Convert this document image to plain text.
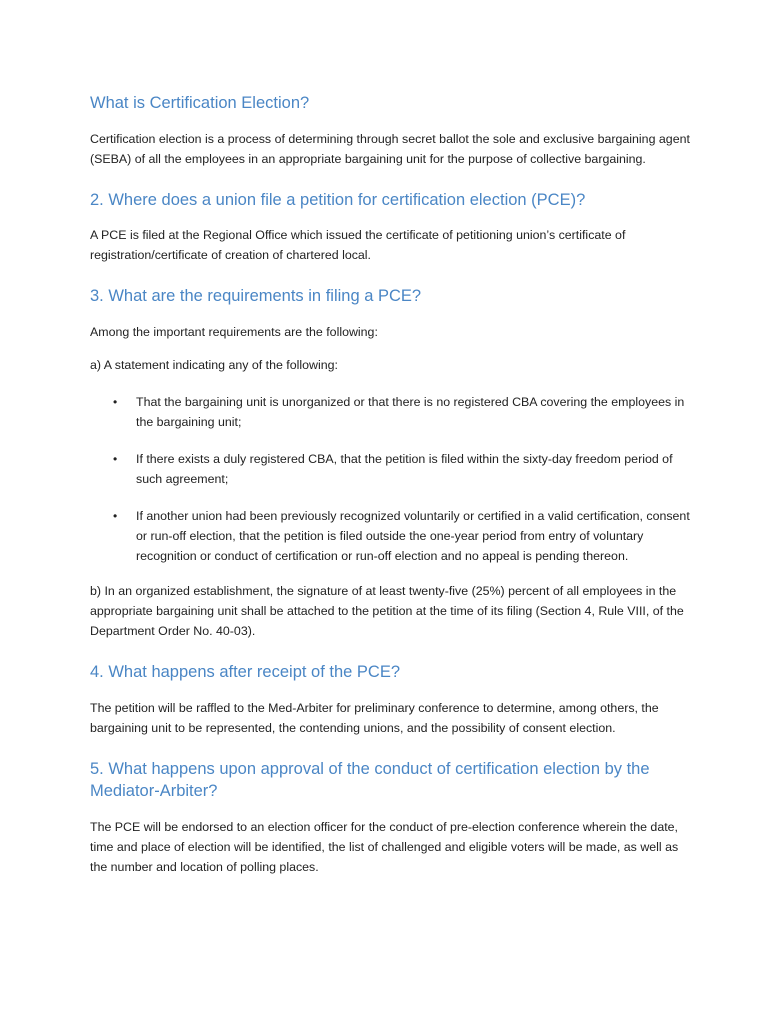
What is Certification Election?

Certification election is a process of determining through secret ballot the sole and exclusive bargaining agent (SEBA) of all the employees in an appropriate bargaining unit for the purpose of collective bargaining.

2. Where does a union file a petition for certification election (PCE)?

A PCE is filed at the Regional Office which issued the certificate of petitioning union’s certificate of registration/certificate of creation of chartered local.

3. What are the requirements in filing a PCE?

Among the important requirements are the following:

a) A statement indicating any of the following:

• That the bargaining unit is unorganized or that there is no registered CBA covering the employees in the bargaining unit;
• If there exists a duly registered CBA, that the petition is filed within the sixty-day freedom period of such agreement;
• If another union had been previously recognized voluntarily or certified in a valid certification, consent or run-off election, that the petition is filed outside the one-year period from entry of voluntary recognition or conduct of certification or run-off election and no appeal is pending thereon.

b) In an organized establishment, the signature of at least twenty-five (25%) percent of all employees in the appropriate bargaining unit shall be attached to the petition at the time of its filing (Section 4, Rule VIII, of the Department Order No. 40-03).

4. What happens after receipt of the PCE?

The petition will be raffled to the Med-Arbiter for preliminary conference to determine, among others, the bargaining unit to be represented, the contending unions, and the possibility of consent election.

5. What happens upon approval of the conduct of certification election by the Mediator-Arbiter?

The PCE will be endorsed to an election officer for the conduct of pre-election conference wherein the date, time and place of election will be identified, the list of challenged and eligible voters will be made, as well as the number and location of polling places.
